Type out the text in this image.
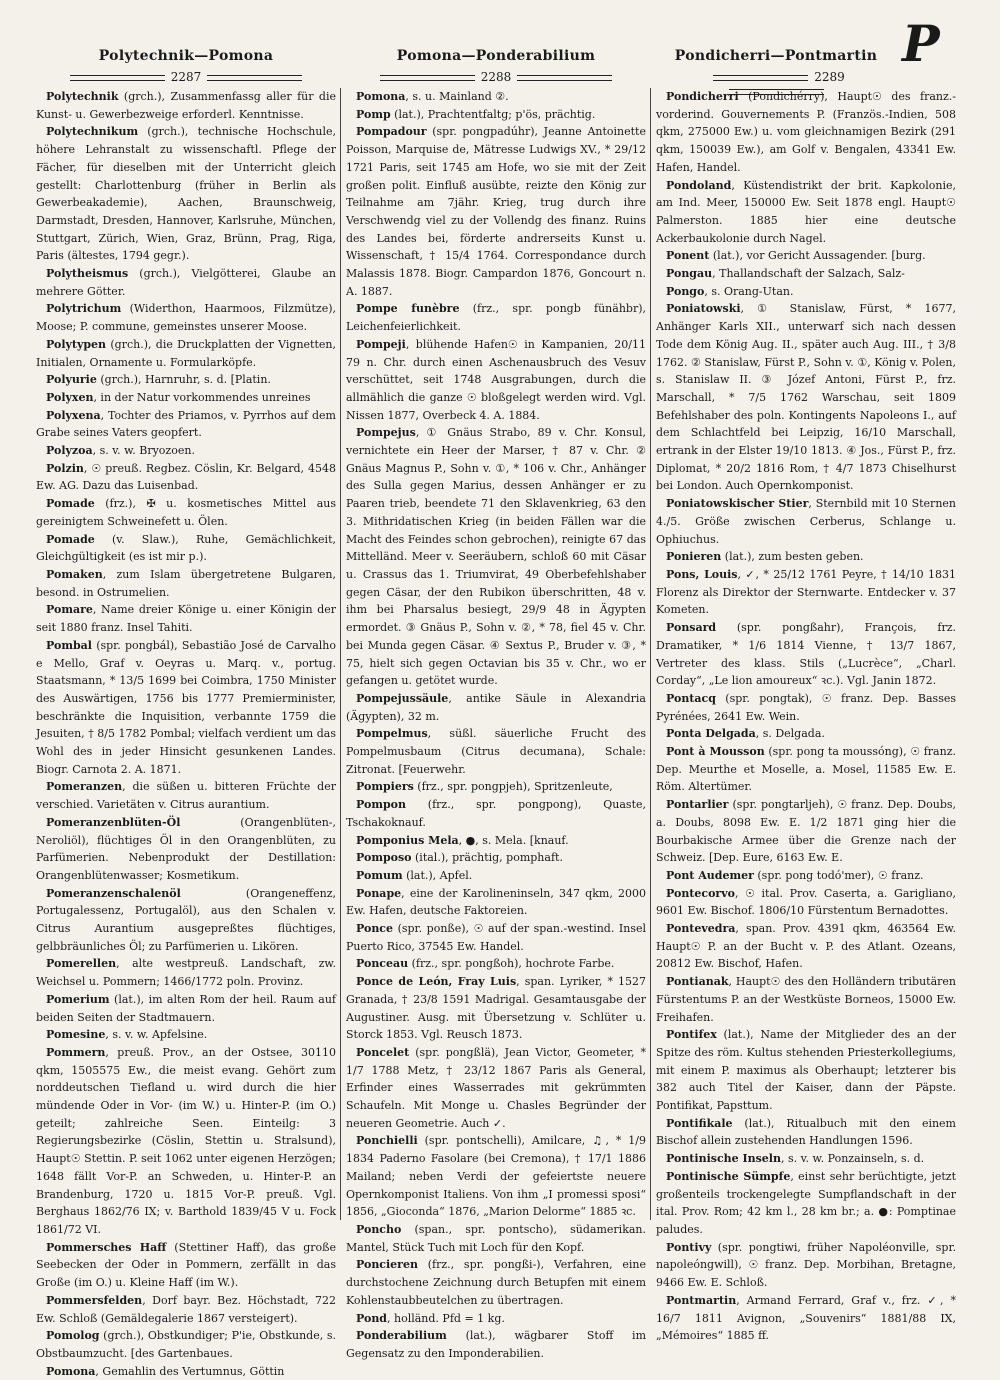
P
Polytechnik—Pomona
2287

Polytechnik (grch.), Zusammenfassg aller für die Kunst- u. Gewerbezweige erforderl. Kenntnisse.

Polytechnikum (grch.), technische Hochschule, höhere Lehranstalt zu wissenschaftl. Pflege der Fächer, für dieselben mit der Unterricht gleich gestellt: Charlottenburg (früher in Berlin als Gewerbeakademie), Aachen, Braunschweig, Darmstadt, Dresden, Hannover, Karlsruhe, München, Stuttgart, Zürich, Wien, Graz, Brünn, Prag, Riga, Paris (ältestes, 1794 gegr.).

Polytheismus (grch.), Vielgötterei, Glaube an mehrere Götter.

Polytrichum (Widerthon, Haarmoos, Filzmütze), Moose; P. commune, gemeinstes unserer Moose.

Polytypen (grch.), die Druckplatten der Vignetten, Initialen, Ornamente u. Formularköpfe.

Polyurie (grch.), Harnruhr, s. d. [Platin.

Polyxen, in der Natur vorkommendes unreines

Polyxena, Tochter des Priamos, v. Pyrrhos auf dem Grabe seines Vaters geopfert.

Polyzoa, s. v. w. Bryozoen.

Polzin, ☉ preuß. Regbez. Cöslin, Kr. Belgard, 4548 Ew. AG. Dazu das Luisenbad.

Pomade (frz.), ✠ u. kosmetisches Mittel aus gereinigtem Schweinefett u. Ölen.

Pomade (v. Slaw.), Ruhe, Gemächlichkeit, Gleichgültigkeit (es ist mir p.).

Pomaken, zum Islam übergetretene Bulgaren, besond. in Ostrumelien.

Pomare, Name dreier Könige u. einer Königin der seit 1880 franz. Insel Tahiti.

Pombal (spr. pongbál), Sebastião José de Carvalho e Mello, Graf v. Oeyras u. Marq. v., portug. Staatsmann, * 13/5 1699 bei Coimbra, 1750 Minister des Auswärtigen, 1756 bis 1777 Premierminister, beschränkte die Inquisition, verbannte 1759 die Jesuiten, † 8/5 1782 Pombal; vielfach verdient um das Wohl des in jeder Hinsicht gesunkenen Landes. Biogr. Carnota 2. A. 1871.

Pomeranzen, die süßen u. bitteren Früchte der verschied. Varietäten v. Citrus aurantium.

Pomeranzenblüten-Öl (Orangenblüten-, Neroliöl), flüchtiges Öl in den Orangenblüten, zu Parfümerien. Nebenprodukt der Destillation: Orangenblütenwasser; Kosmetikum.

Pomeranzenschalenöl (Orangeneffenz, Portugalessenz, Portugalöl), aus den Schalen v. Citrus Aurantium ausgepreßtes flüchtiges, gelbbräunliches Öl; zu Parfümerien u. Likören.

Pomerellen, alte westpreuß. Landschaft, zw. Weichsel u. Pommern; 1466/1772 poln. Provinz.

Pomerium (lat.), im alten Rom der heil. Raum auf beiden Seiten der Stadtmauern.

Pomesine, s. v. w. Apfelsine.

Pommern, preuß. Prov., an der Ostsee, 30110 qkm, 1505575 Ew., die meist evang. Gehört zum norddeutschen Tiefland u. wird durch die hier mündende Oder in Vor- (im W.) u. Hinter-P. (im O.) geteilt; zahlreiche Seen. Einteilg: 3 Regierungsbezirke (Cöslin, Stettin u. Stralsund), Haupt☉ Stettin. P. seit 1062 unter eigenen Herzögen; 1648 fällt Vor-P. an Schweden, u. Hinter-P. an Brandenburg, 1720 u. 1815 Vor-P. preuß. Vgl. Berghaus 1862/76 IX; v. Barthold 1839/45 V u. Fock 1861/72 VI.

Pommersches Haff (Stettiner Haff), das große Seebecken der Oder in Pommern, zerfällt in das Große (im O.) u. Kleine Haff (im W.).

Pommersfelden, Dorf bayr. Bez. Höchstadt, 722 Ew. Schloß (Gemäldegalerie 1867 versteigert).

Pomolog (grch.), Obstkundiger; P'ie, Obstkunde, s. Obstbaumzucht. [des Gartenbaues.

Pomona, Gemahlin des Vertumnus, Göttin

Pomona—Ponderabilium
2288

Pomona, s. u. Mainland ②.

Pomp (lat.), Prachtentfaltg; p'ös, prächtig.

Pompadour (spr. pongpadúhr), Jeanne Antoinette Poisson, Marquise de, Mätresse Ludwigs XV., * 29/12 1721 Paris, seit 1745 am Hofe, wo sie mit der Zeit großen polit. Einfluß ausübte, reizte den König zur Teilnahme am 7jähr. Krieg, trug durch ihre Verschwendg viel zu der Vollendg des finanz. Ruins des Landes bei, förderte andrerseits Kunst u. Wissenschaft, † 15/4 1764. Correspondance durch Malassis 1878. Biogr. Campardon 1876, Goncourt n. A. 1887.

Pompe funèbre (frz., spr. pongb fünähbr), Leichenfeierlichkeit.

Pompeji, blühende Hafen☉ in Kampanien, 20/11 79 n. Chr. durch einen Aschenausbruch des Vesuv verschüttet, seit 1748 Ausgrabungen, durch die allmählich die ganze ☉ bloßgelegt werden wird. Vgl. Nissen 1877, Overbeck 4. A. 1884.

Pompejus, ① Gnäus Strabo, 89 v. Chr. Konsul, vernichtete ein Heer der Marser, † 87 v. Chr. ② Gnäus Magnus P., Sohn v. ①, * 106 v. Chr., Anhänger des Sulla gegen Marius, dessen Anhänger er zu Paaren trieb, beendete 71 den Sklavenkrieg, 63 den 3. Mithridatischen Krieg (in beiden Fällen war die Macht des Feindes schon gebrochen), reinigte 67 das Mittelländ. Meer v. Seeräubern, schloß 60 mit Cäsar u. Crassus das 1. Triumvirat, 49 Oberbefehlshaber gegen Cäsar, der den Rubikon überschritten, 48 v. ihm bei Pharsalus besiegt, 29/9 48 in Ägypten ermordet. ③ Gnäus P., Sohn v. ②, * 78, fiel 45 v. Chr. bei Munda gegen Cäsar. ④ Sextus P., Bruder v. ③, * 75, hielt sich gegen Octavian bis 35 v. Chr., wo er gefangen u. getötet wurde.

Pompejussäule, antike Säule in Alexandria (Ägypten), 32 m.

Pompelmus, süßl. säuerliche Frucht des Pompelmusbaum (Citrus decumana), Schale: Zitronat. [Feuerwehr.

Pompiers (frz., spr. pongpjeh), Spritzenleute,

Pompon (frz., spr. pongpong), Quaste, Tschakoknauf.

Pomponius Mela, ●, s. Mela. [knauf.

Pomposo (ital.), prächtig, pomphaft.

Pomum (lat.), Apfel.

Ponape, eine der Karolineninseln, 347 qkm, 2000 Ew. Hafen, deutsche Faktoreien.

Ponce (spr. ponße), ☉ auf der span.-westind. Insel Puerto Rico, 37545 Ew. Handel.

Ponceau (frz., spr. pongßoh), hochrote Farbe.

Ponce de León, Fray Luis, span. Lyriker, * 1527 Granada, † 23/8 1591 Madrigal. Gesamtausgabe der Augustiner. Ausg. mit Übersetzung v. Schlüter u. Storck 1853. Vgl. Reusch 1873.

Poncelet (spr. pongßlä), Jean Victor, Geometer, * 1/7 1788 Metz, † 23/12 1867 Paris als General, Erfinder eines Wasserrades mit gekrümmten Schaufeln. Mit Monge u. Chasles Begründer der neueren Geometrie. Auch ✓.

Ponchielli (spr. pontschelli), Amilcare, ♫, * 1/9 1834 Paderno Fasolare (bei Cremona), † 17/1 1886 Mailand; neben Verdi der gefeiertste neuere Opernkomponist Italiens. Von ihm „I promessi sposi“ 1856, „Gioconda“ 1876, „Marion Delorme“ 1885 ꝛc.

Poncho (span., spr. pontscho), südamerikan. Mantel, Stück Tuch mit Loch für den Kopf.

Poncieren (frz., spr. pongßi-), Verfahren, eine durchstochene Zeichnung durch Betupfen mit einem Kohlenstaubbeutelchen zu übertragen.

Pond, holländ. Pfd = 1 kg.

Ponderabilium (lat.), wägbarer Stoff im Gegensatz zu den Imponderabilien.

Pondicherri—Pontmartin
2289

Pondicherri (Pondichérry), Haupt☉ des franz.-vorderind. Gouvernements P. (Französ.-Indien, 508 qkm, 275000 Ew.) u. vom gleichnamigen Bezirk (291 qkm, 150039 Ew.), am Golf v. Bengalen, 43341 Ew. Hafen, Handel.

Pondoland, Küstendistrikt der brit. Kapkolonie, am Ind. Meer, 150000 Ew. Seit 1878 engl. Haupt☉ Palmerston. 1885 hier eine deutsche Ackerbaukolonie durch Nagel.

Ponent (lat.), vor Gericht Aussagender. [burg.

Pongau, Thallandschaft der Salzach, Salz-

Pongo, s. Orang-Utan.

Poniatowski, ① Stanislaw, Fürst, * 1677, Anhänger Karls XII., unterwarf sich nach dessen Tode dem König Aug. II., später auch Aug. III., † 3/8 1762. ② Stanislaw, Fürst P., Sohn v. ①, König v. Polen, s. Stanislaw II. ③ Józef Antoni, Fürst P., frz. Marschall, * 7/5 1762 Warschau, seit 1809 Befehlshaber des poln. Kontingents Napoleons I., auf dem Schlachtfeld bei Leipzig, 16/10 Marschall, ertrank in der Elster 19/10 1813. ④ Jos., Fürst P., frz. Diplomat, * 20/2 1816 Rom, † 4/7 1873 Chiselhurst bei London. Auch Opernkomponist.

Poniatowskischer Stier, Sternbild mit 10 Sternen 4./5. Größe zwischen Cerberus, Schlange u. Ophiuchus.

Ponieren (lat.), zum besten geben.

Pons, Louis, ✓, * 25/12 1761 Peyre, † 14/10 1831 Florenz als Direktor der Sternwarte. Entdecker v. 37 Kometen.

Ponsard (spr. pongßahr), François, frz. Dramatiker, * 1/6 1814 Vienne, † 13/7 1867, Vertreter des klass. Stils („Lucrèce“, „Charl. Corday“, „Le lion amoureux“ ꝛc.). Vgl. Janin 1872.

Pontacq (spr. pongtak), ☉ franz. Dep. Basses Pyrénées, 2641 Ew. Wein.

Ponta Delgada, s. Delgada.

Pont à Mousson (spr. pong ta moussóng), ☉ franz. Dep. Meurthe et Moselle, a. Mosel, 11585 Ew. E. Röm. Altertümer.

Pontarlier (spr. pongtarljeh), ☉ franz. Dep. Doubs, a. Doubs, 8098 Ew. E. 1/2 1871 ging hier die Bourbakische Armee über die Grenze nach der Schweiz. [Dep. Eure, 6163 Ew. E.

Pont Audemer (spr. pong todó'mer), ☉ franz.

Pontecorvo, ☉ ital. Prov. Caserta, a. Garigliano, 9601 Ew. Bischof. 1806/10 Fürstentum Bernadottes.

Pontevedra, span. Prov. 4391 qkm, 463564 Ew. Haupt☉ P. an der Bucht v. P. des Atlant. Ozeans, 20812 Ew. Bischof, Hafen.

Pontianak, Haupt☉ des den Holländern tributären Fürstentums P. an der Westküste Borneos, 15000 Ew. Freihafen.

Pontifex (lat.), Name der Mitglieder des an der Spitze des röm. Kultus stehenden Priesterkollegiums, mit einem P. maximus als Oberhaupt; letzterer bis 382 auch Titel der Kaiser, dann der Päpste. Pontifikat, Papsttum.

Pontifikale (lat.), Ritualbuch mit den einem Bischof allein zustehenden Handlungen 1596.

Pontinische Inseln, s. v. w. Ponzainseln, s. d.

Pontinische Sümpfe, einst sehr berüchtigte, jetzt großenteils trockengelegte Sumpflandschaft in der ital. Prov. Rom; 42 km l., 28 km br.; a. ●: Pomptinae paludes.

Pontivy (spr. pongtiwi, früher Napoléonville, spr. napoleóngwill), ☉ franz. Dep. Morbihan, Bretagne, 9466 Ew. E. Schloß.

Pontmartin, Armand Ferrard, Graf v., frz. ✓, * 16/7 1811 Avignon, „Souvenirs“ 1881/88 IX, „Mémoires“ 1885 ff.
